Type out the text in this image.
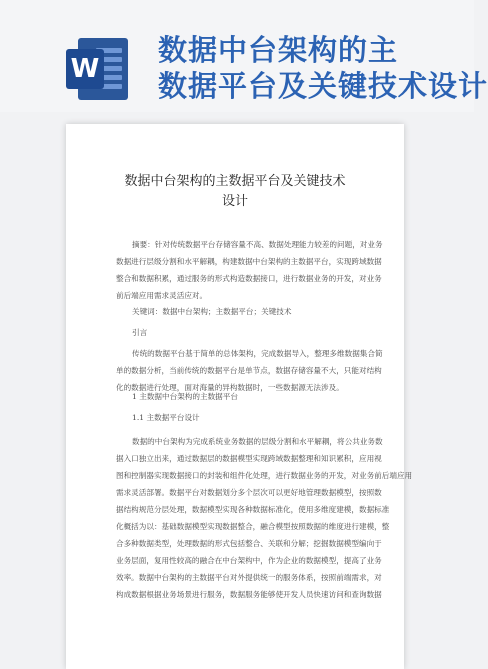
W
数据中台架构的主
数据平台及关键技术设计
数据中台架构的主数据平台及关键技术
设计
摘要：针对传统数据平台存储容量不高、数据处理能力较差的问题，对业务
数据进行层级分割和水平解耦，构建数据中台架构的主数据平台，实现跨域数据
整合和数据积累，通过服务的形式构造数据接口，进行数据业务的开发，对业务
前后端应用需求灵活应对。
关键词：数据中台架构；主数据平台；关键技术
引言
传统的数据平台基于简单的总体架构，完成数据导入，整理多维数据集合简
单的数据分析，当前传统的数据平台是单节点，数据存储容量不大，只能对结构
化的数据进行处理，面对海量的异构数据时，一些数据源无法涉及。
1 主数据中台架构的主数据平台
1.1 主数据平台设计
数据的中台架构为完成系统业务数据的层级分割和水平解耦，将公共业务数
据入口独立出来，通过数据层的数据模型实现跨域数据整理和知识累积，应用视
图和控制器实现数据接口的封装和组件化处理，进行数据业务的开发，对业务前后端应用
需求灵活部署。数据平台对数据划分多个层次可以更好地管理数据模型，按照数
据结构规范分层处理，数据模型实现各种数据标准化，使用多维度建模，数据标准
化概括为以：基础数据模型实现数据整合，融合模型按照数据的维度进行建模，整
合多种数据类型，处理数据的形式包括整合、关联和分解；挖掘数据模型编向于
业务层面，复用性较高的融合在中台架构中，作为企业的数据模型，提高了业务
效率。数据中台架构的主数据平台对外提供统一的服务体系，按照前端需求，对
构成数据根据业务场景进行服务，数据服务能够使开发人员快速访问和查询数据
